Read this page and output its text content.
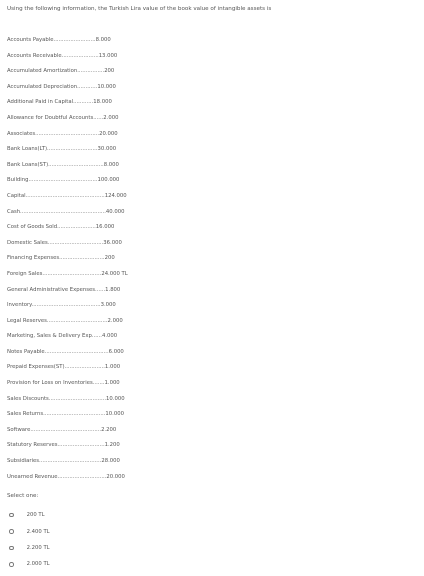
Using the following information, the Turkish Lira value of the book value of intangible assets is
Accounts Payable.........................8.000
Accounts Receivable......................13.000
Accumulated Amortization................200
Accumulated Depreciation............10.000
Additional Paid in Capital............18.000
Allowance for Doubtful Accounts......2.000
Associates......................................20.000
Bank Loans(LT)..............................30.000
Bank Loans(ST).................................8.000
Building.........................................100.000
Capital...............................................124.000
Cash...................................................40.000
Cost of Goods Sold.......................16.000
Domestic Sales.................................36.000
Financing Expenses...........................200
Foreign Sales...................................24.000 TL
General Administrative Expenses......1.800
Inventory.........................................3.000
Legal Reserves....................................2.000
Marketing, Sales & Delivery Exp......4.000
Notes Payable......................................6.000
Prepaid Expenses(ST)........................1.000
Provision for Loss on Inventories.......1.000
Sales Discounts..................................10.000
Sales Returns.....................................10.000
Software..........................................2.200
Statutory Reserves............................1.200
Subsidiaries.....................................28.000
Unearned Revenue.............................20.000
Select one:
200 TL
2.400 TL
2.200 TL
2.000 TL
